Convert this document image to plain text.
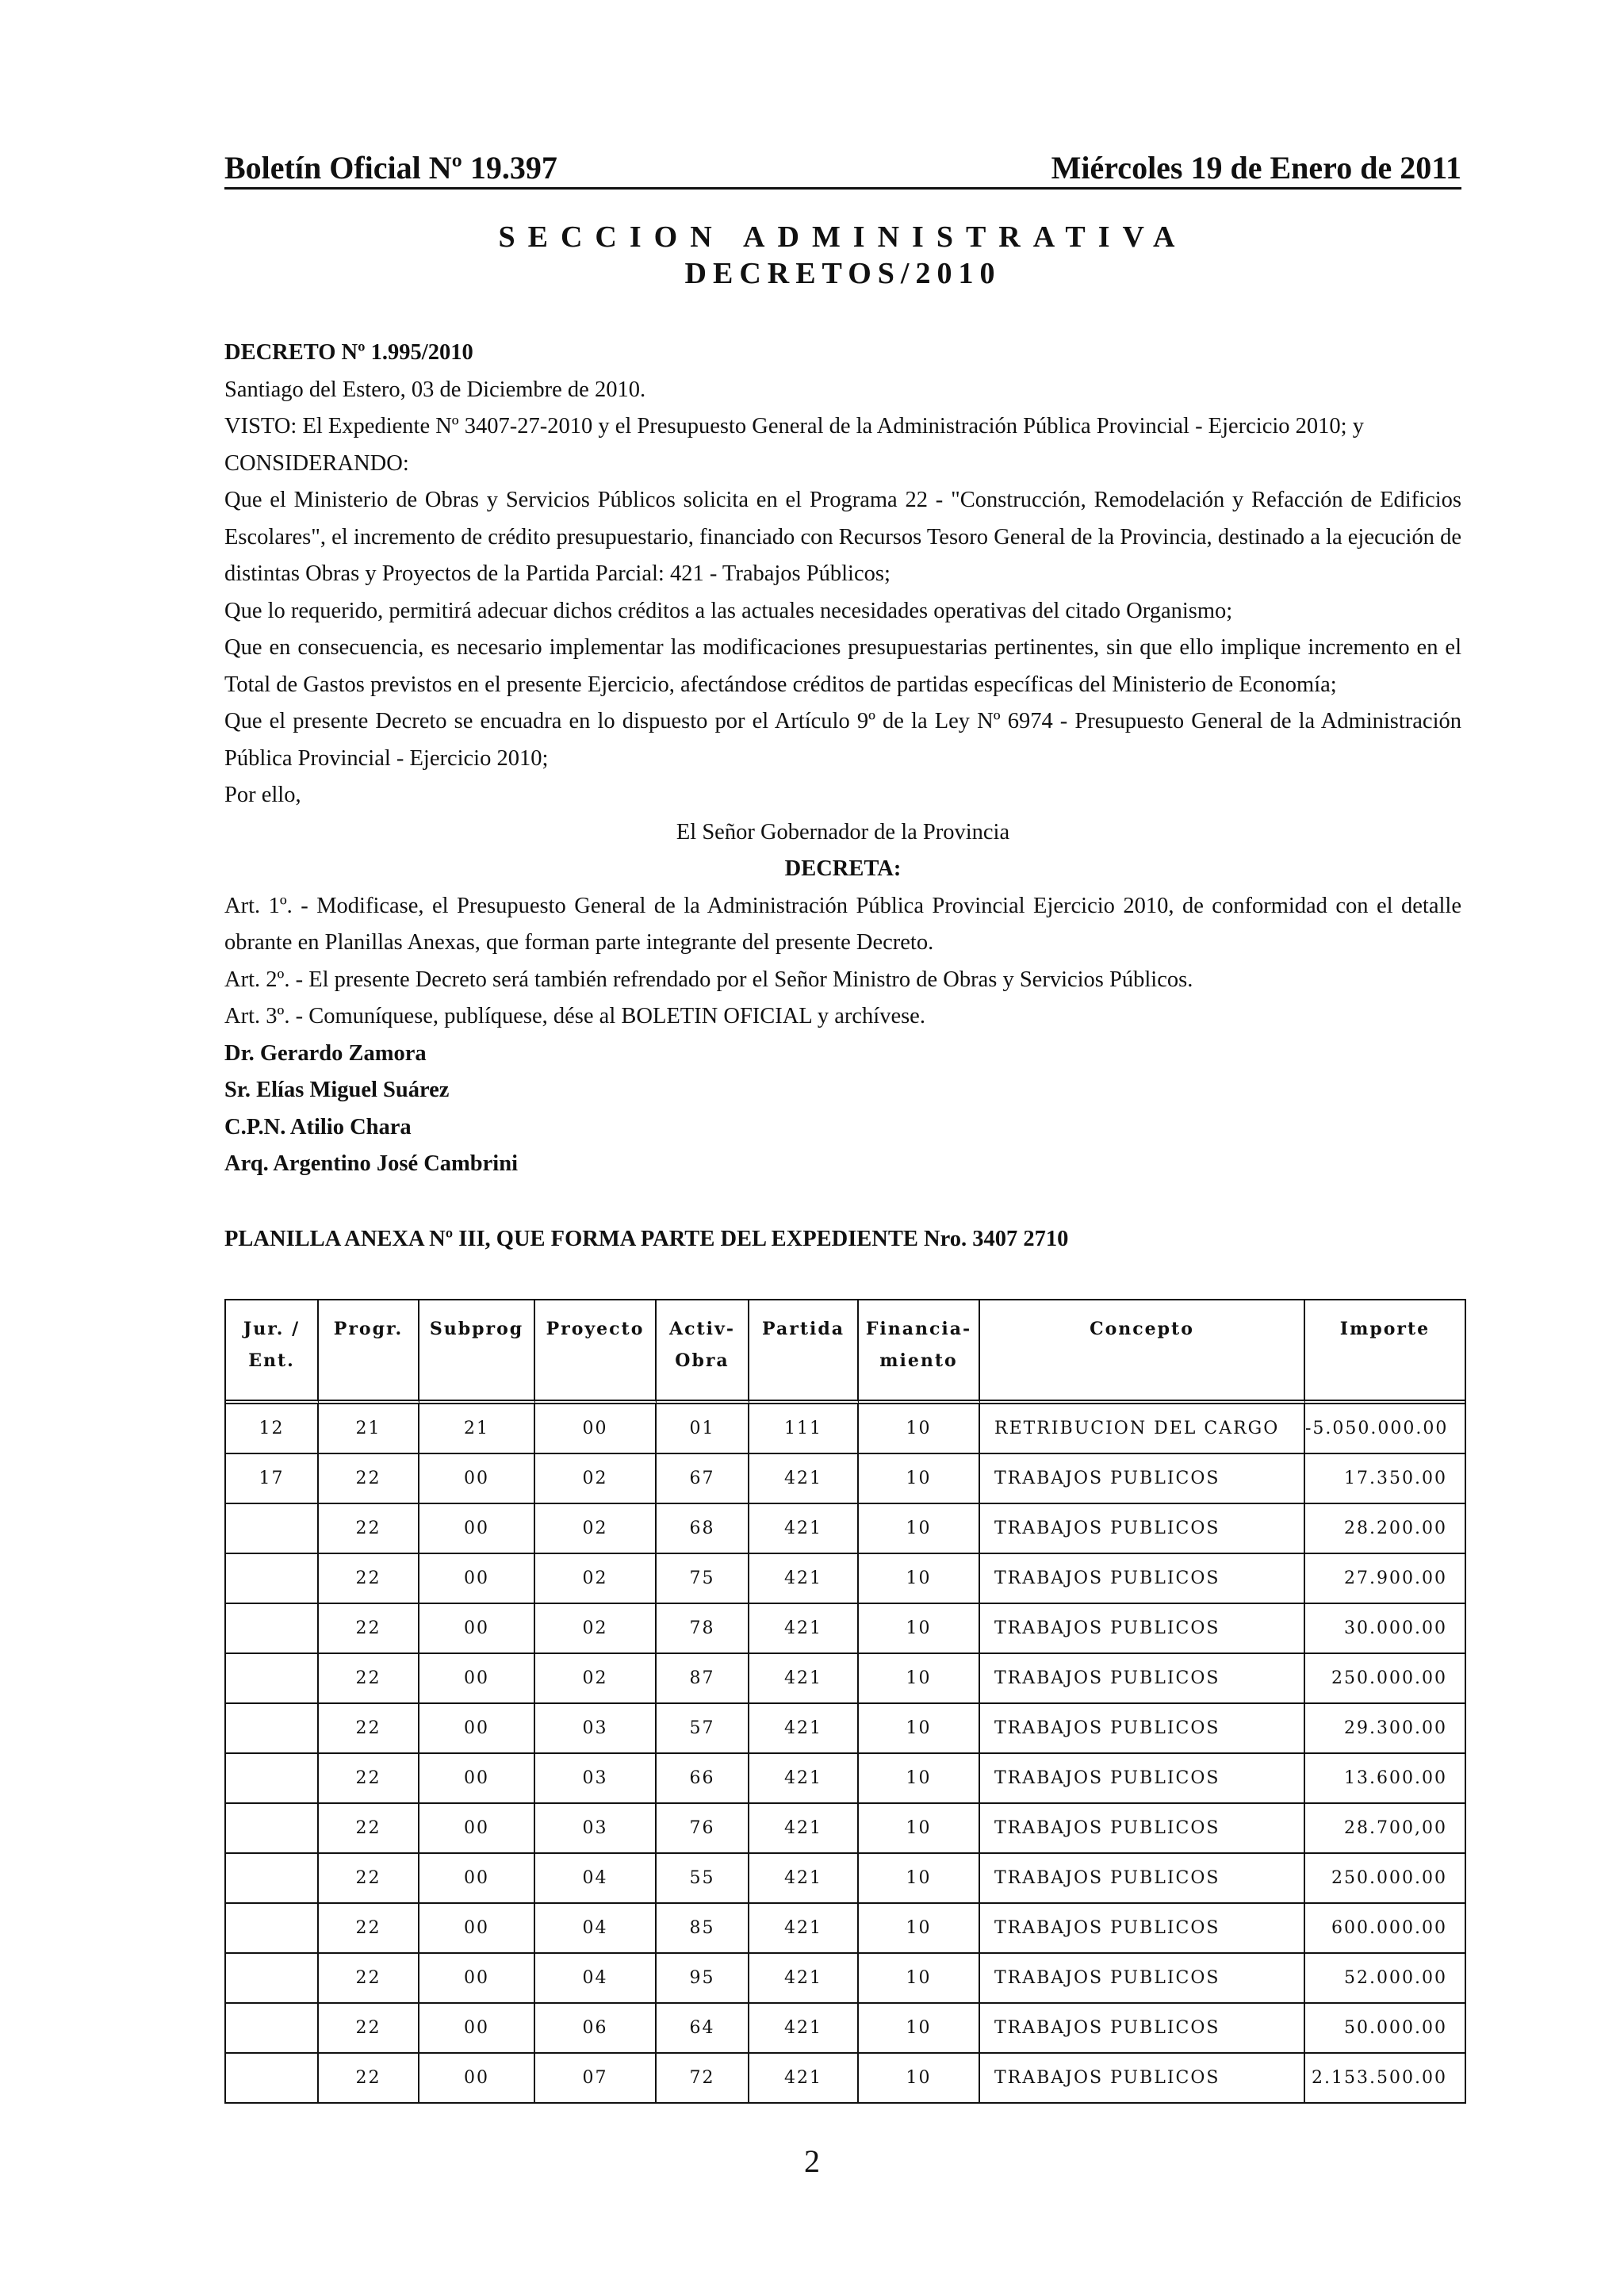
Boletín Oficial Nº 19.397	Miércoles 19 de Enero de 2011
SECCION ADMINISTRATIVA
DECRETOS/2010

DECRETO Nº 1.995/2010

Santiago del Estero, 03 de Diciembre de 2010.

VISTO: El Expediente Nº 3407-27-2010 y el Presupuesto General de la Administración Pública Provincial - Ejercicio 2010; y

CONSIDERANDO:

Que el Ministerio de Obras y Servicios Públicos solicita en el Programa 22 - "Construcción, Remodelación y Refacción de Edificios Escolares", el incremento de crédito presupuestario, financiado con Recursos Tesoro General de la Provincia, destinado a la ejecución de distintas Obras y Proyectos de la Partida Parcial: 421 - Trabajos Públicos;

Que lo requerido, permitirá adecuar dichos créditos a las actuales necesidades operativas del citado Organismo;

Que en consecuencia, es necesario implementar las modificaciones presupuestarias pertinentes, sin que ello implique incremento en el Total de Gastos previstos en el presente Ejercicio, afectándose créditos de partidas específicas del Ministerio de Economía;

Que el presente Decreto se encuadra en lo dispuesto por el Artículo 9º de la Ley Nº 6974 - Presupuesto General de la Administración Pública Provincial - Ejercicio 2010;

Por ello,

El Señor Gobernador de la Provincia

DECRETA:

Art. 1º. - Modificase, el Presupuesto General de la Administración Pública Provincial Ejercicio 2010, de conformidad con el detalle obrante en Planillas Anexas, que forman parte integrante del presente Decreto.

Art. 2º. - El presente Decreto será también refrendado por el Señor Ministro de Obras y Servicios Públicos.

Art. 3º. - Comuníquese, publíquese, dése al BOLETIN OFICIAL y archívese.

Dr. Gerardo Zamora

Sr. Elías Miguel Suárez

C.P.N. Atilio Chara

Arq. Argentino José Cambrini

PLANILLA ANEXA Nº III, QUE FORMA PARTE DEL EXPEDIENTE Nro. 3407 2710
Jur. /
Ent.	Progr.	Subprog	Proyecto	Activ-
Obra	Partida	Financia-
miento	Concepto	Importe
12	21	21	00	01	111	10	RETRIBUCION DEL CARGO	-5.050.000.00
17	22	00	02	67	421	10	TRABAJOS PUBLICOS	17.350.00
	22	00	02	68	421	10	TRABAJOS PUBLICOS	28.200.00
	22	00	02	75	421	10	TRABAJOS PUBLICOS	27.900.00
	22	00	02	78	421	10	TRABAJOS PUBLICOS	30.000.00
	22	00	02	87	421	10	TRABAJOS PUBLICOS	250.000.00
	22	00	03	57	421	10	TRABAJOS PUBLICOS	29.300.00
	22	00	03	66	421	10	TRABAJOS PUBLICOS	13.600.00
	22	00	03	76	421	10	TRABAJOS PUBLICOS	28.700,00
	22	00	04	55	421	10	TRABAJOS PUBLICOS	250.000.00
	22	00	04	85	421	10	TRABAJOS PUBLICOS	600.000.00
	22	00	04	95	421	10	TRABAJOS PUBLICOS	52.000.00
	22	00	06	64	421	10	TRABAJOS PUBLICOS	50.000.00
	22	00	07	72	421	10	TRABAJOS PUBLICOS	2.153.500.00
2
